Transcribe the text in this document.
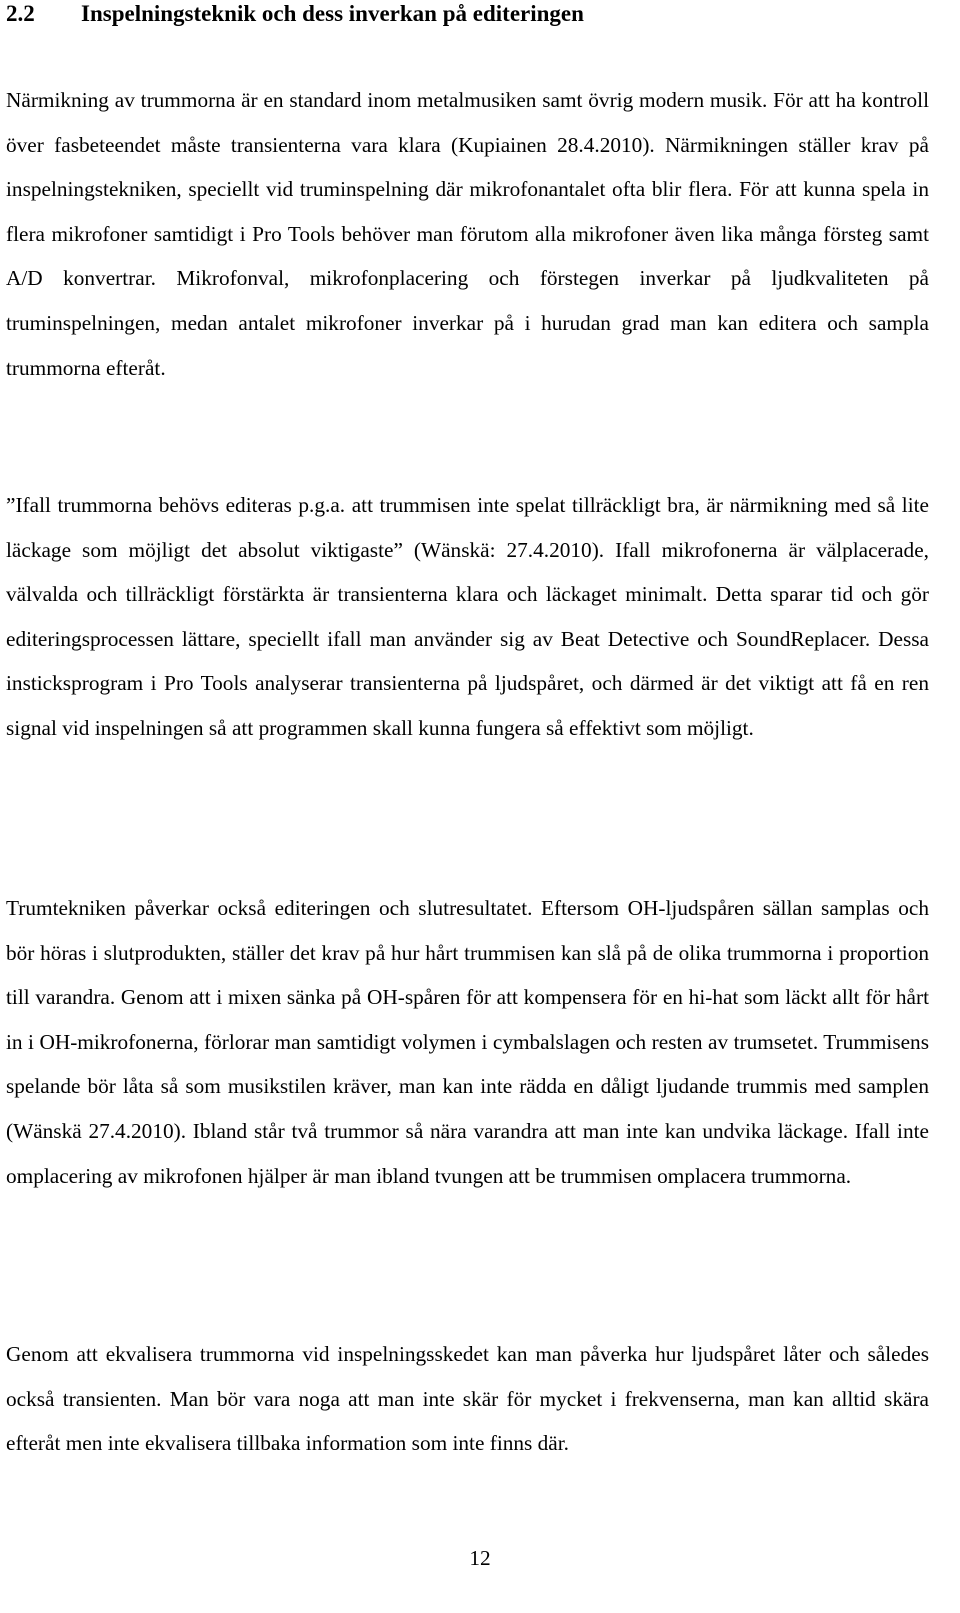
2.2 Inspelningsteknik och dess inverkan på editeringen

Närmikning av trummorna är en standard inom metalmusiken samt övrig modern musik. För att ha kontroll över fasbeteendet måste transienterna vara klara (Kupiainen 28.4.2010). Närmikningen ställer krav på inspelningstekniken, speciellt vid truminspelning där mikrofonantalet ofta blir flera. För att kunna spela in flera mikrofoner samtidigt i Pro Tools behöver man förutom alla mikrofoner även lika många försteg samt A/D konvertrar. Mikrofonval, mikrofonplacering och förstegen inverkar på ljudkvaliteten på truminspelningen, medan antalet mikrofoner inverkar på i hurudan grad man kan editera och sampla trummorna efteråt.

”Ifall trummorna behövs editeras p.g.a. att trummisen inte spelat tillräckligt bra, är närmikning med så lite läckage som möjligt det absolut viktigaste” (Wänskä: 27.4.2010). Ifall mikrofonerna är välplacerade, välvalda och tillräckligt förstärkta är transienterna klara och läckaget minimalt. Detta sparar tid och gör editeringsprocessen lättare, speciellt ifall man använder sig av Beat Detective och SoundReplacer. Dessa insticksprogram i Pro Tools analyserar transienterna på ljudspåret, och därmed är det viktigt att få en ren signal vid inspelningen så att programmen skall kunna fungera så effektivt som möjligt.

Trumtekniken påverkar också editeringen och slutresultatet. Eftersom OH-ljudspåren sällan samplas och bör höras i slutprodukten, ställer det krav på hur hårt trummisen kan slå på de olika trummorna i proportion till varandra. Genom att i mixen sänka på OH-spåren för att kompensera för en hi-hat som läckt allt för hårt in i OH-mikrofonerna, förlorar man samtidigt volymen i cymbalslagen och resten av trumsetet. Trummisens spelande bör låta så som musikstilen kräver, man kan inte rädda en dåligt ljudande trummis med samplen (Wänskä 27.4.2010). Ibland står två trummor så nära varandra att man inte kan undvika läckage. Ifall inte omplacering av mikrofonen hjälper är man ibland tvungen att be trummisen omplacera trummorna.

Genom att ekvalisera trummorna vid inspelningsskedet kan man påverka hur ljudspåret låter och således också transienten. Man bör vara noga att man inte skär för mycket i frekvenserna, man kan alltid skära efteråt men inte ekvalisera tillbaka information som inte finns där.

12
